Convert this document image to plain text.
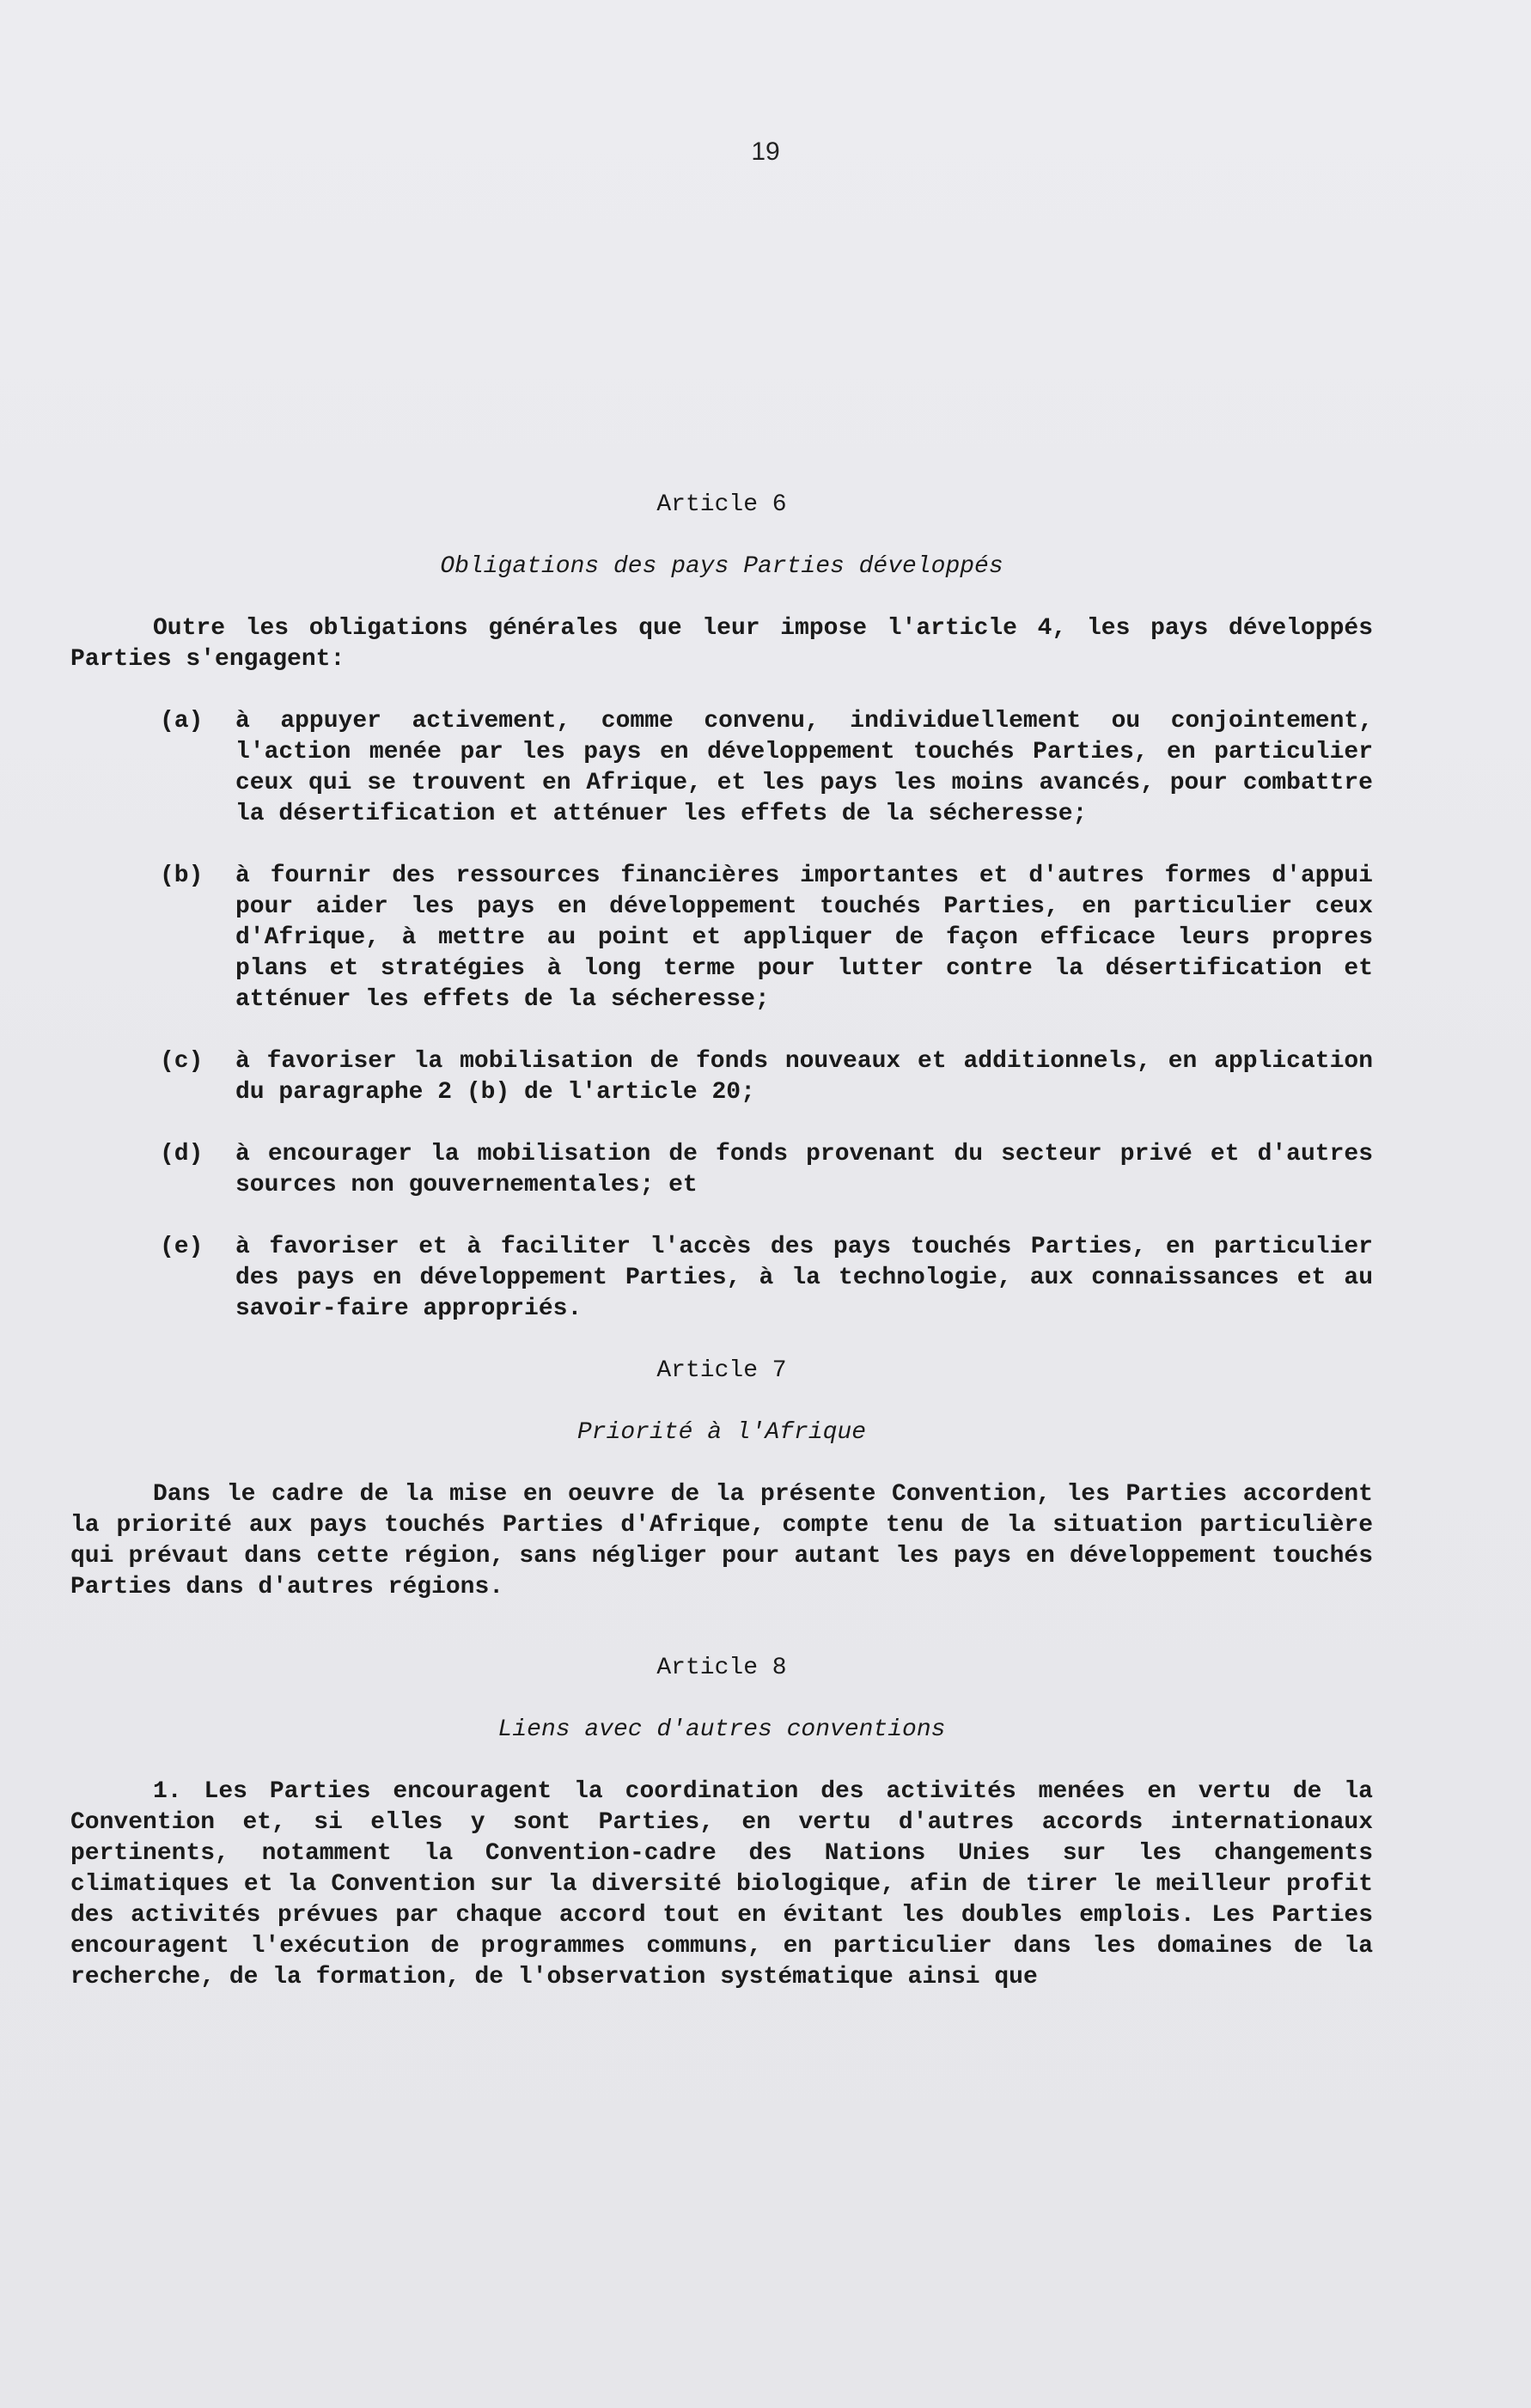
19
Article 6
Obligations des pays Parties développés

Outre les obligations générales que leur impose l'article 4, les pays développés Parties s'engagent:

(a)	à appuyer activement, comme convenu, individuellement ou conjointement, l'action menée par les pays en développement touchés Parties, en particulier ceux qui se trouvent en Afrique, et les pays les moins avancés, pour combattre la désertification et atténuer les effets de la sécheresse;
(b)	à fournir des ressources financières importantes et d'autres formes d'appui pour aider les pays en développement touchés Parties, en particulier ceux d'Afrique, à mettre au point et appliquer de façon efficace leurs propres plans et stratégies à long terme pour lutter contre la désertification et atténuer les effets de la sécheresse;
(c)	à favoriser la mobilisation de fonds nouveaux et additionnels, en application du paragraphe 2 (b) de l'article 20;
(d)	à encourager la mobilisation de fonds provenant du secteur privé et d'autres sources non gouvernementales; et
(e)	à favoriser et à faciliter l'accès des pays touchés Parties, en particulier des pays en développement Parties, à la technologie, aux connaissances et au savoir-faire appropriés.
Article 7
Priorité à l'Afrique

Dans le cadre de la mise en oeuvre de la présente Convention, les Parties accordent la priorité aux pays touchés Parties d'Afrique, compte tenu de la situation particulière qui prévaut dans cette région, sans négliger pour autant les pays en développement touchés Parties dans d'autres régions.

Article 8
Liens avec d'autres conventions

1. Les Parties encouragent la coordination des activités menées en vertu de la Convention et, si elles y sont Parties, en vertu d'autres accords internationaux pertinents, notamment la Convention-cadre des Nations Unies sur les changements climatiques et la Convention sur la diversité biologique, afin de tirer le meilleur profit des activités prévues par chaque accord tout en évitant les doubles emplois. Les Parties encouragent l'exécution de programmes communs, en particulier dans les domaines de la recherche, de la formation, de l'observation systématique ainsi que
